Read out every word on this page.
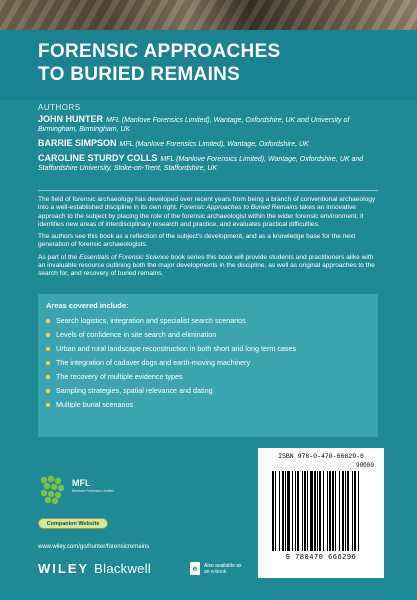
FORENSIC APPROACHES
TO BURIED REMAINS
AUTHORS
JOHN HUNTER MFL (Manlove Forensics Limited), Wantage, Oxfordshire, UK and University of Birmingham, Birmingham, UK
BARRIE SIMPSON MFL (Manlove Forensics Limited), Wantage, Oxfordshire, UK
CAROLINE STURDY COLLS MFL (Manlove Forensics Limited), Wantage, Oxfordshire, UK and Staffordshire University, Stoke-on-Trent, Staffordshire, UK

The field of forensic archaeology has developed over recent years from being a branch of conventional archaeology into a well-established discipline in its own right. Forensic Approaches to Buried Remains takes an innovative approach to the subject by placing the role of the forensic archaeologist within the wider forensic environment; it identifies new areas of interdisciplinary research and practice, and evaluates practical difficulties.

The authors see this book as a reflection of the subject's development, and as a knowledge base for the next generation of forensic archaeologists.

As part of the Essentials of Forensic Science book series this book will provide students and practitioners alike with an invaluable resource outlining both the major developments in the discipline, as well as original approaches to the search for, and recovery of buried remains.

Areas covered include:
Search logistics, integration and specialist search scenarios
Levels of confidence in site search and elimination
Urban and rural landscape reconstruction in both short and long term cases
The integration of cadaver dogs and earth-moving machinery
The recovery of multiple evidence types
Sampling strategies, spatial relevance and dating
Multiple burial scenarios
MFL
Manlove Forensics Limited
Companion Website
www.wiley.com/go/hunter/forensicremains
WILEY Blackwell	e	Also available as an e-book
ISBN 978-0-470-66629-6
90000
9 780470 666296
